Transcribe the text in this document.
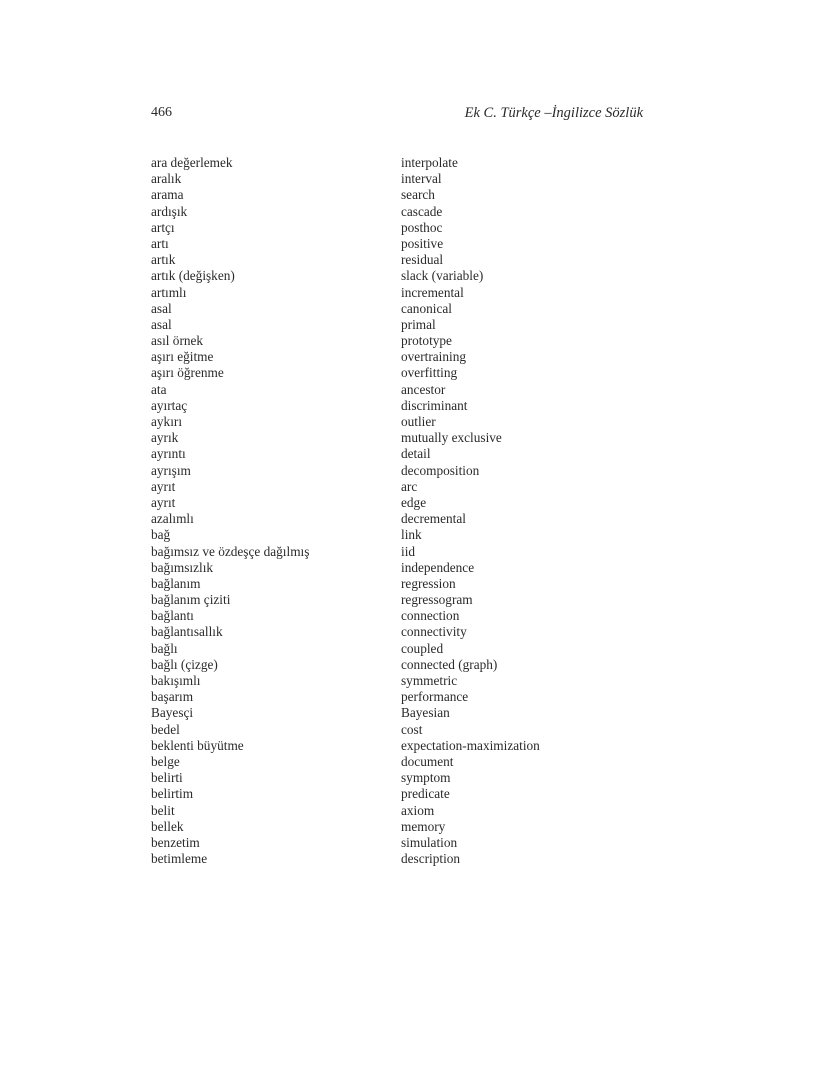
466	Ek C. Türkçe –İngilizce Sözlük
ara değerlemek	interpolate
aralık	interval
arama	search
ardışık	cascade
artçı	posthoc
artı	positive
artık	residual
artık (değişken)	slack (variable)
artımlı	incremental
asal	canonical
asal	primal
asıl örnek	prototype
aşırı eğitme	overtraining
aşırı öğrenme	overfitting
ata	ancestor
ayırtaç	discriminant
aykırı	outlier
ayrık	mutually exclusive
ayrıntı	detail
ayrışım	decomposition
ayrıt	arc
ayrıt	edge
azalımlı	decremental
bağ	link
bağımsız ve özdeşçe dağılmış	iid
bağımsızlık	independence
bağlanım	regression
bağlanım çiziti	regressogram
bağlantı	connection
bağlantısallık	connectivity
bağlı	coupled
bağlı (çizge)	connected (graph)
bakışımlı	symmetric
başarım	performance
Bayesçi	Bayesian
bedel	cost
beklenti büyütme	expectation-maximization
belge	document
belirti	symptom
belirtim	predicate
belit	axiom
bellek	memory
benzetim	simulation
betimleme	description
